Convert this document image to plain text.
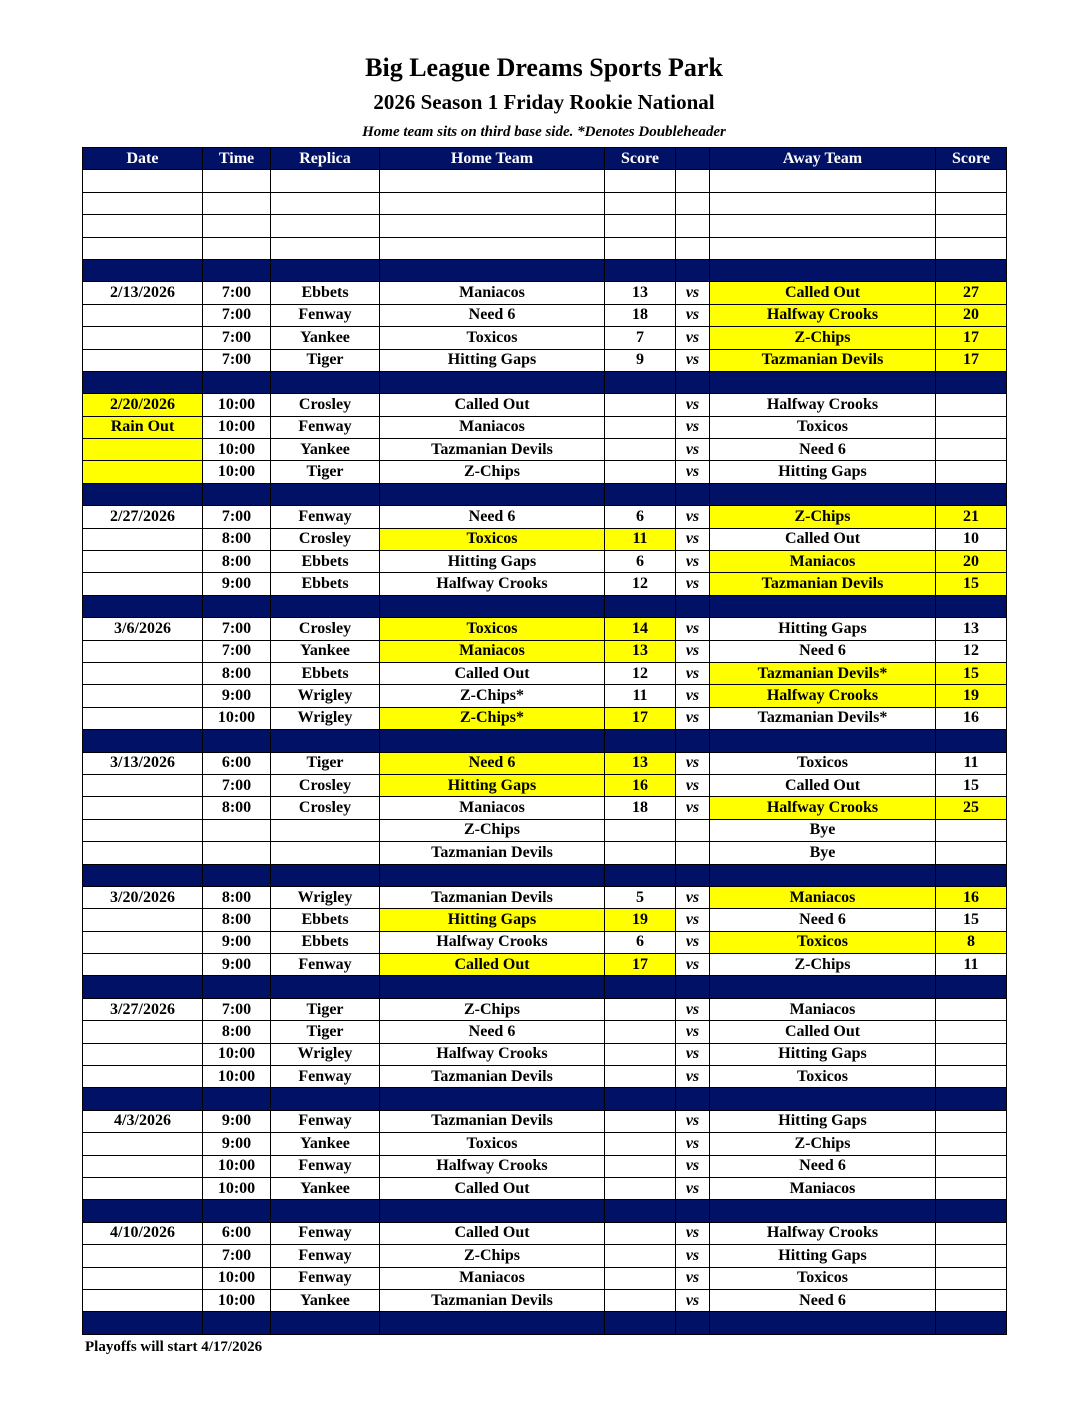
Big League Dreams Sports Park
2026 Season 1 Friday Rookie National
Home team sits on third base side. *Denotes Doubleheader
Date	Time	Replica	Home Team	Score		Away Team	Score

2/13/2026	7:00	Ebbets	Maniacos	13	vs	Called Out	27
	7:00	Fenway	Need 6	18	vs	Halfway Crooks	20
	7:00	Yankee	Toxicos	7	vs	Z-Chips	17
	7:00	Tiger	Hitting Gaps	9	vs	Tazmanian Devils	17

2/20/2026	10:00	Crosley	Called Out		vs	Halfway Crooks	
Rain Out	10:00	Fenway	Maniacos		vs	Toxicos	
	10:00	Yankee	Tazmanian Devils		vs	Need 6	
	10:00	Tiger	Z-Chips		vs	Hitting Gaps	

2/27/2026	7:00	Fenway	Need 6	6	vs	Z-Chips	21
	8:00	Crosley	Toxicos	11	vs	Called Out	10
	8:00	Ebbets	Hitting Gaps	6	vs	Maniacos	20
	9:00	Ebbets	Halfway Crooks	12	vs	Tazmanian Devils	15

3/6/2026	7:00	Crosley	Toxicos	14	vs	Hitting Gaps	13
	7:00	Yankee	Maniacos	13	vs	Need 6	12
	8:00	Ebbets	Called Out	12	vs	Tazmanian Devils*	15
	9:00	Wrigley	Z-Chips*	11	vs	Halfway Crooks	19
	10:00	Wrigley	Z-Chips*	17	vs	Tazmanian Devils*	16

3/13/2026	6:00	Tiger	Need 6	13	vs	Toxicos	11
	7:00	Crosley	Hitting Gaps	16	vs	Called Out	15
	8:00	Crosley	Maniacos	18	vs	Halfway Crooks	25
			Z-Chips			Bye	
			Tazmanian Devils			Bye	

3/20/2026	8:00	Wrigley	Tazmanian Devils	5	vs	Maniacos	16
	8:00	Ebbets	Hitting Gaps	19	vs	Need 6	15
	9:00	Ebbets	Halfway Crooks	6	vs	Toxicos	8
	9:00	Fenway	Called Out	17	vs	Z-Chips	11

3/27/2026	7:00	Tiger	Z-Chips		vs	Maniacos	
	8:00	Tiger	Need 6		vs	Called Out	
	10:00	Wrigley	Halfway Crooks		vs	Hitting Gaps	
	10:00	Fenway	Tazmanian Devils		vs	Toxicos	

4/3/2026	9:00	Fenway	Tazmanian Devils		vs	Hitting Gaps	
	9:00	Yankee	Toxicos		vs	Z-Chips	
	10:00	Fenway	Halfway Crooks		vs	Need 6	
	10:00	Yankee	Called Out		vs	Maniacos	

4/10/2026	6:00	Fenway	Called Out		vs	Halfway Crooks	
	7:00	Fenway	Z-Chips		vs	Hitting Gaps	
	10:00	Fenway	Maniacos		vs	Toxicos	
	10:00	Yankee	Tazmanian Devils		vs	Need 6	

Playoffs will start 4/17/2026
